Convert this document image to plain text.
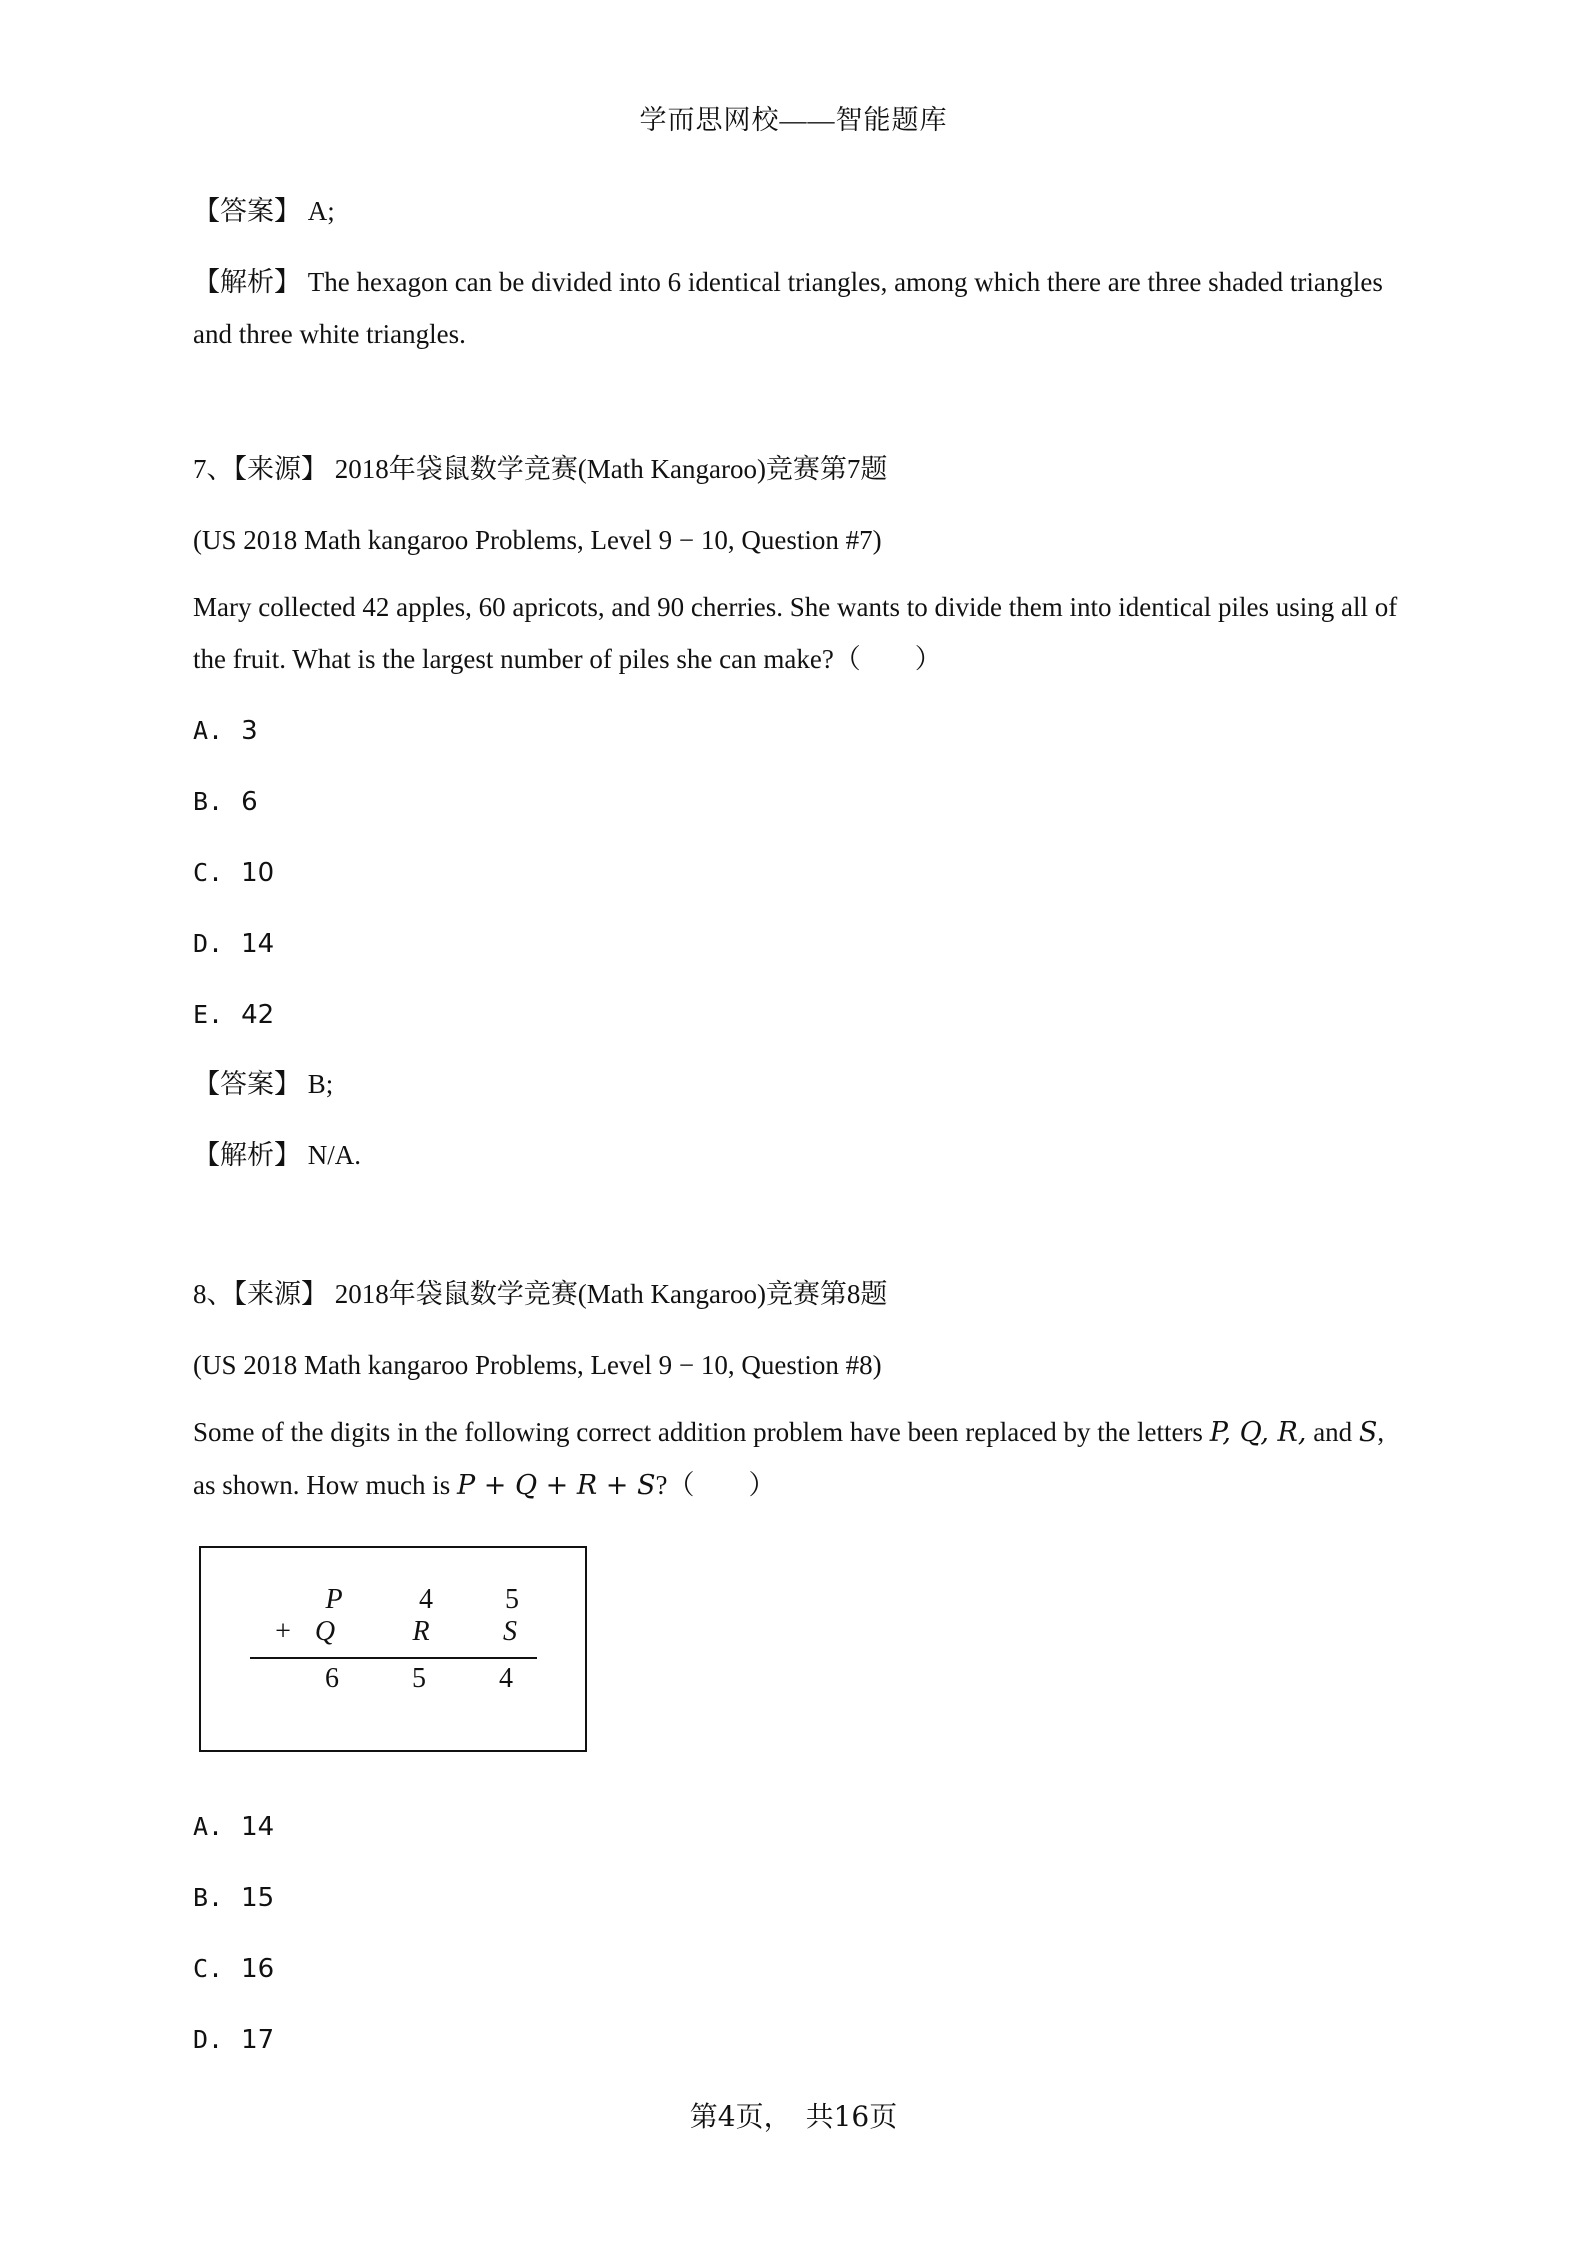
学而思网校——智能题库
【答案】 A;
【解析】 The hexagon can be divided into 6 identical triangles, among which there are three shaded triangles and three white triangles.
7、【来源】 2018年袋鼠数学竞赛(Math Kangaroo)竞赛第7题
(US 2018 Math kangaroo Problems, Level 9 − 10, Question #7)
Mary collected 42 apples, 60 apricots, and 90 cherries. She wants to divide them into identical piles using all of the fruit. What is the largest number of piles she can make?（　　）
A. 3
B. 6
C. 10
D. 14
E. 42
【答案】 B;
【解析】 N/A.
8、【来源】 2018年袋鼠数学竞赛(Math Kangaroo)竞赛第8题
(US 2018 Math kangaroo Problems, Level 9 − 10, Question #8)
Some of the digits in the following correct addition problem have been replaced by the letters P, Q, R, and S, as shown. How much is P + Q + R + S?（　　）
P	4	5
+ Q	R	S
6	5	4
A. 14
B. 15
C. 16
D. 17
第4页，　共16页
